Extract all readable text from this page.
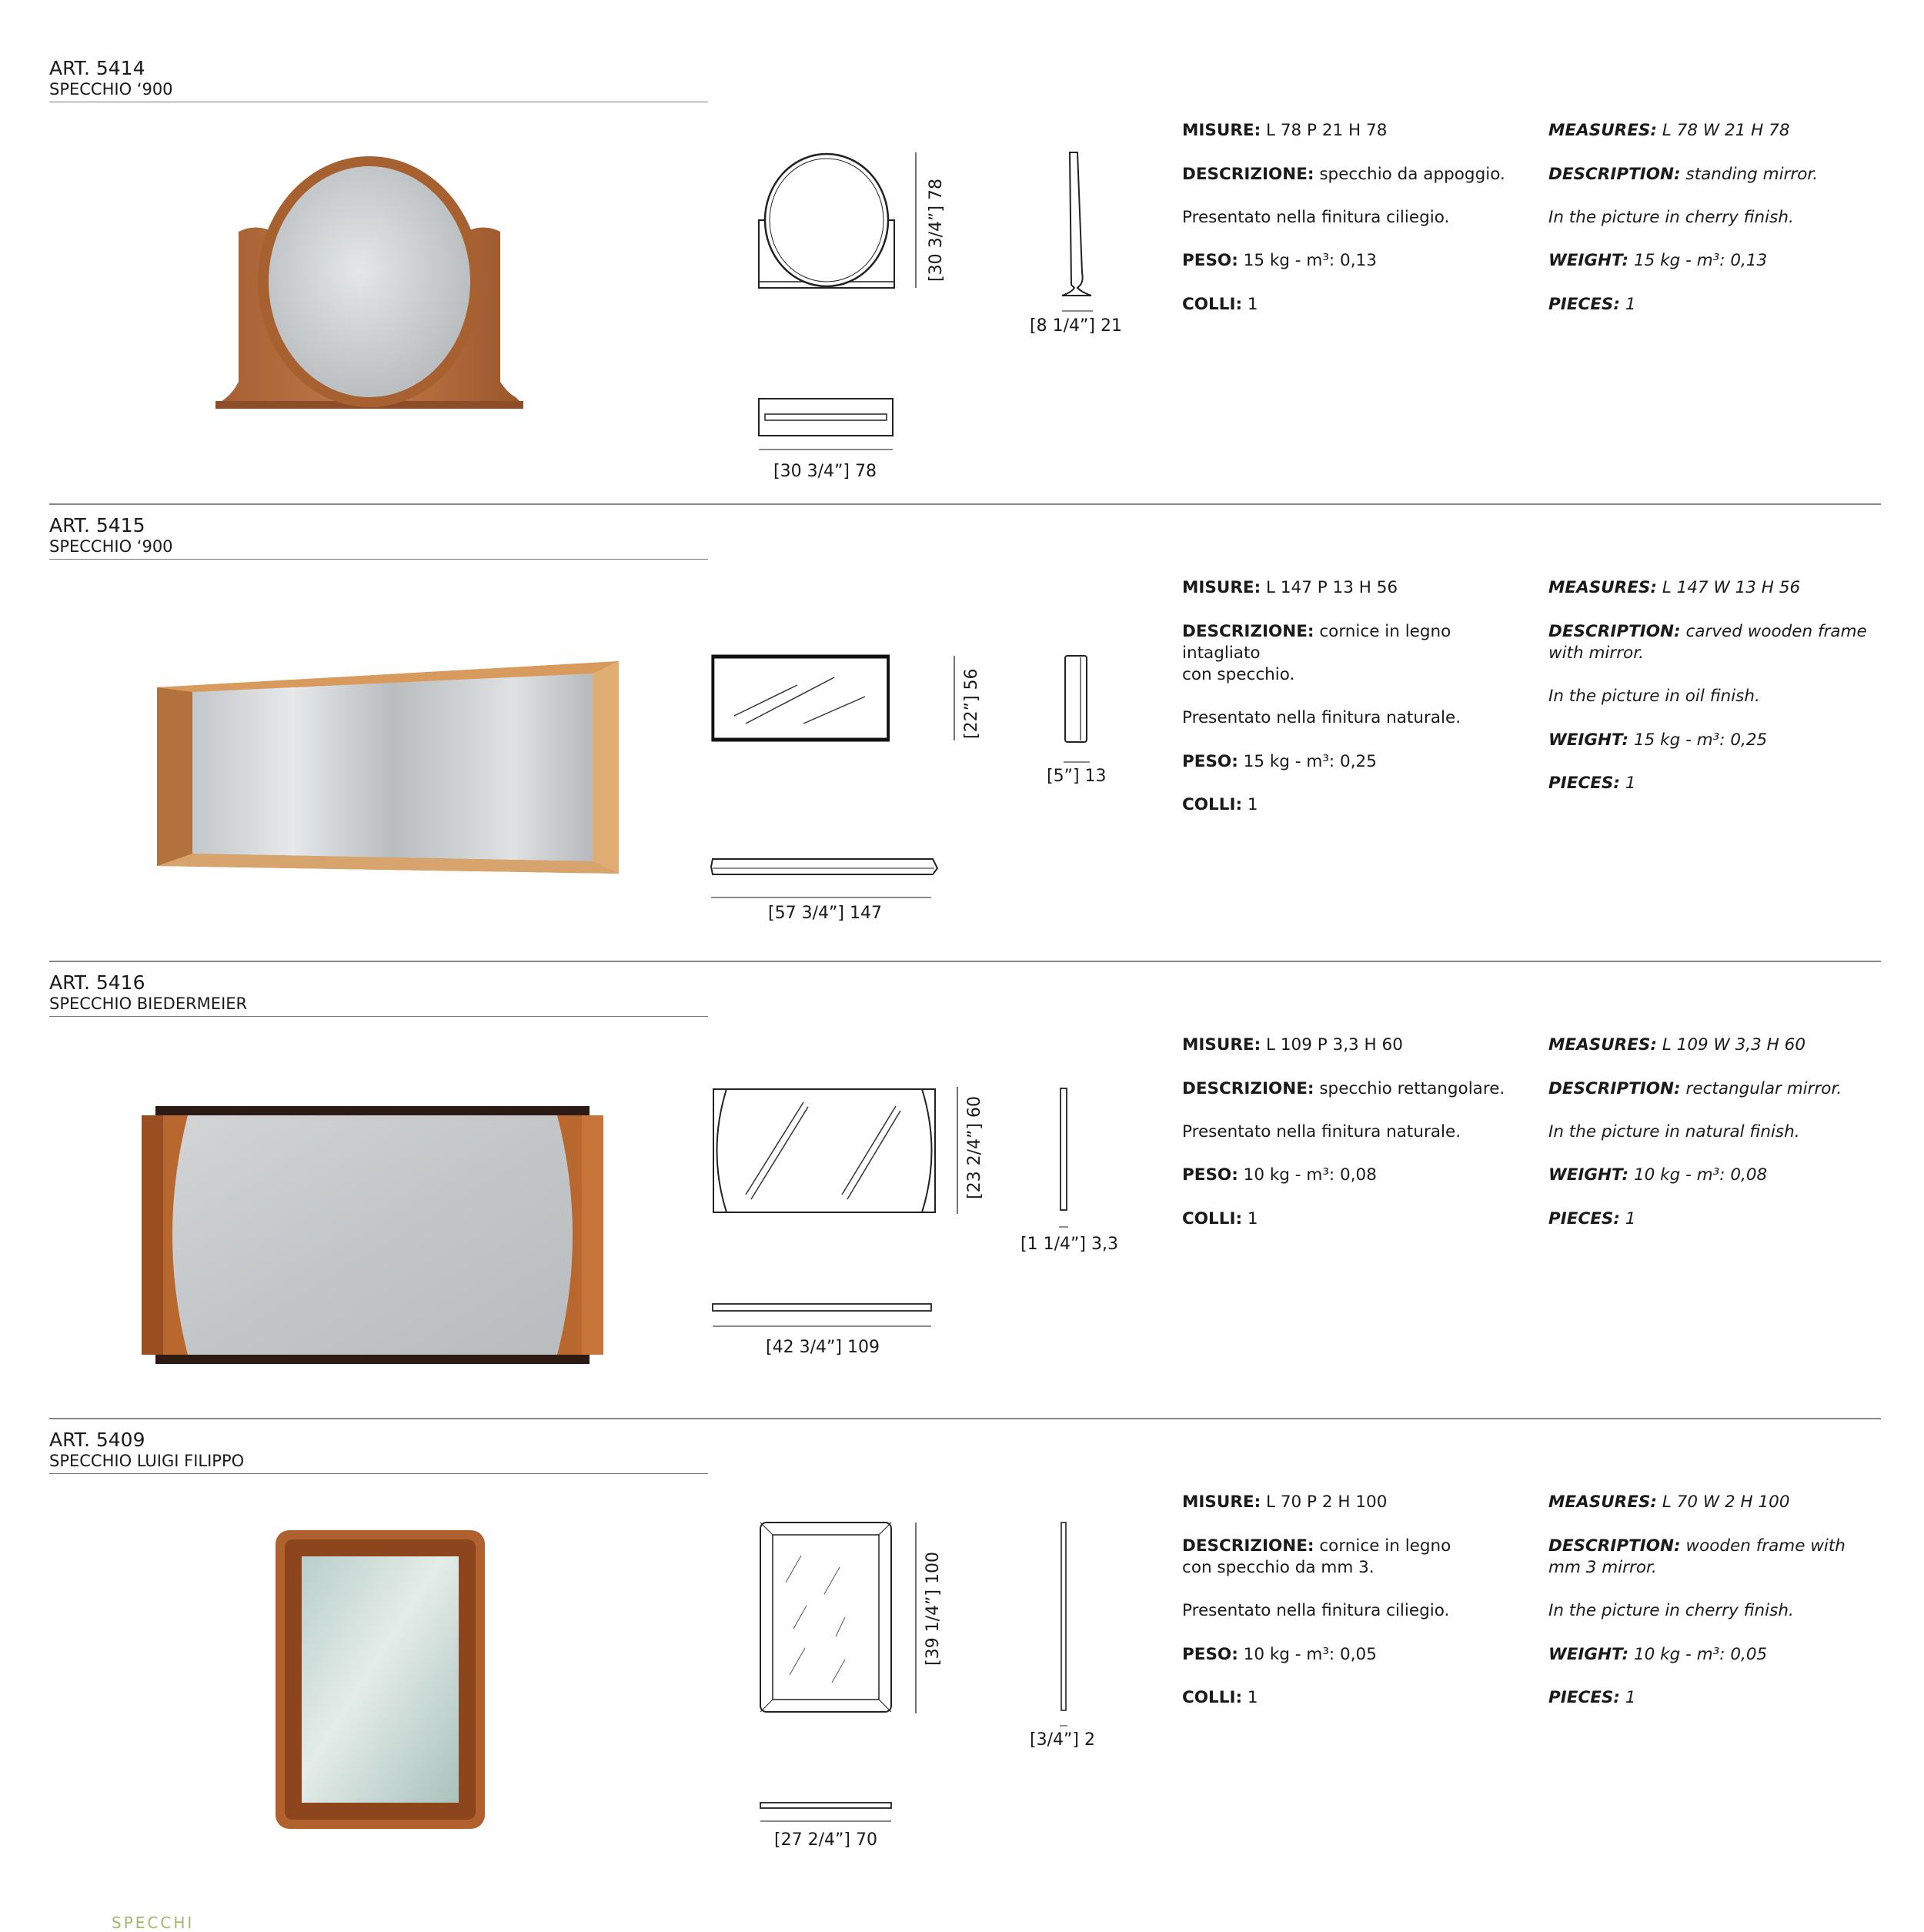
ART. 5414
SPECCHIO ‘900
[30 3/4”] 78
[8 1/4”] 21
[30 3/4”] 78

MISURE: L 78 P 21 H 78

DESCRIZIONE: specchio da appoggio.

Presentato nella finitura ciliegio.

PESO: 15 kg - m³: 0,13

COLLI: 1

MEASURES: L 78 W 21 H 78

DESCRIPTION: standing mirror.

In the picture in cherry finish.

WEIGHT: 15 kg - m³: 0,13

PIECES: 1

ART. 5415
SPECCHIO ‘900
[22”] 56
[5”] 13
[57 3/4”] 147

MISURE: L 147 P 13 H 56

DESCRIZIONE: cornice in legno intagliato
con specchio.

Presentato nella finitura naturale.

PESO: 15 kg - m³: 0,25

COLLI: 1

MEASURES: L 147 W 13 H 56

DESCRIPTION: carved wooden frame
with mirror.

In the picture in oil finish.

WEIGHT: 15 kg - m³: 0,25

PIECES: 1

ART. 5416
SPECCHIO BIEDERMEIER
[23 2/4”] 60
[1 1/4”] 3,3
[42 3/4”] 109

MISURE: L 109 P 3,3 H 60

DESCRIZIONE: specchio rettangolare.

Presentato nella finitura naturale.

PESO: 10 kg - m³: 0,08

COLLI: 1

MEASURES: L 109 W 3,3 H 60

DESCRIPTION: rectangular mirror.

In the picture in natural finish.

WEIGHT: 10 kg - m³: 0,08

PIECES: 1

ART. 5409
SPECCHIO LUIGI FILIPPO
[39 1/4”] 100
[3/4”] 2
[27 2/4”] 70

MISURE: L 70 P 2 H 100

DESCRIZIONE: cornice in legno
con specchio da mm 3.

Presentato nella finitura ciliegio.

PESO: 10 kg - m³: 0,05

COLLI: 1

MEASURES: L 70 W 2 H 100

DESCRIPTION: wooden frame with
mm 3 mirror.

In the picture in cherry finish.

WEIGHT: 10 kg - m³: 0,05

PIECES: 1

SPECCHI
